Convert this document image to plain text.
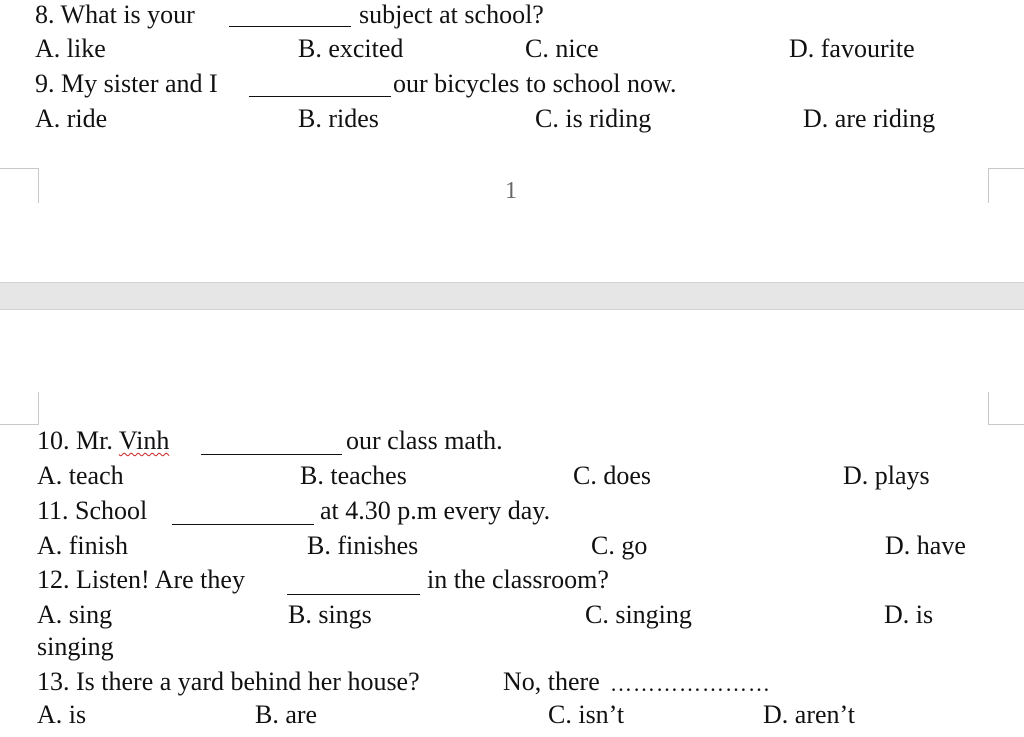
8. What is your	subject at school?
A. like	B. excited	C. nice	D. favourite
9. My sister and I	our bicycles to school now.
A. ride	B. rides	C. is riding	D. are riding
1
10. Mr. Vinh	our class math.
A. teach	B. teaches	C. does	D. plays
11. School	at 4.30 p.m every day.
A. finish	B. finishes	C. go	D. have
12. Listen! Are they	in the classroom?
A. sing	B. sings	C. singing	D. is
singing
13. Is there a yard behind her house?	No, there …………………
A. is	B. are	C. isn’t	D. aren’t
